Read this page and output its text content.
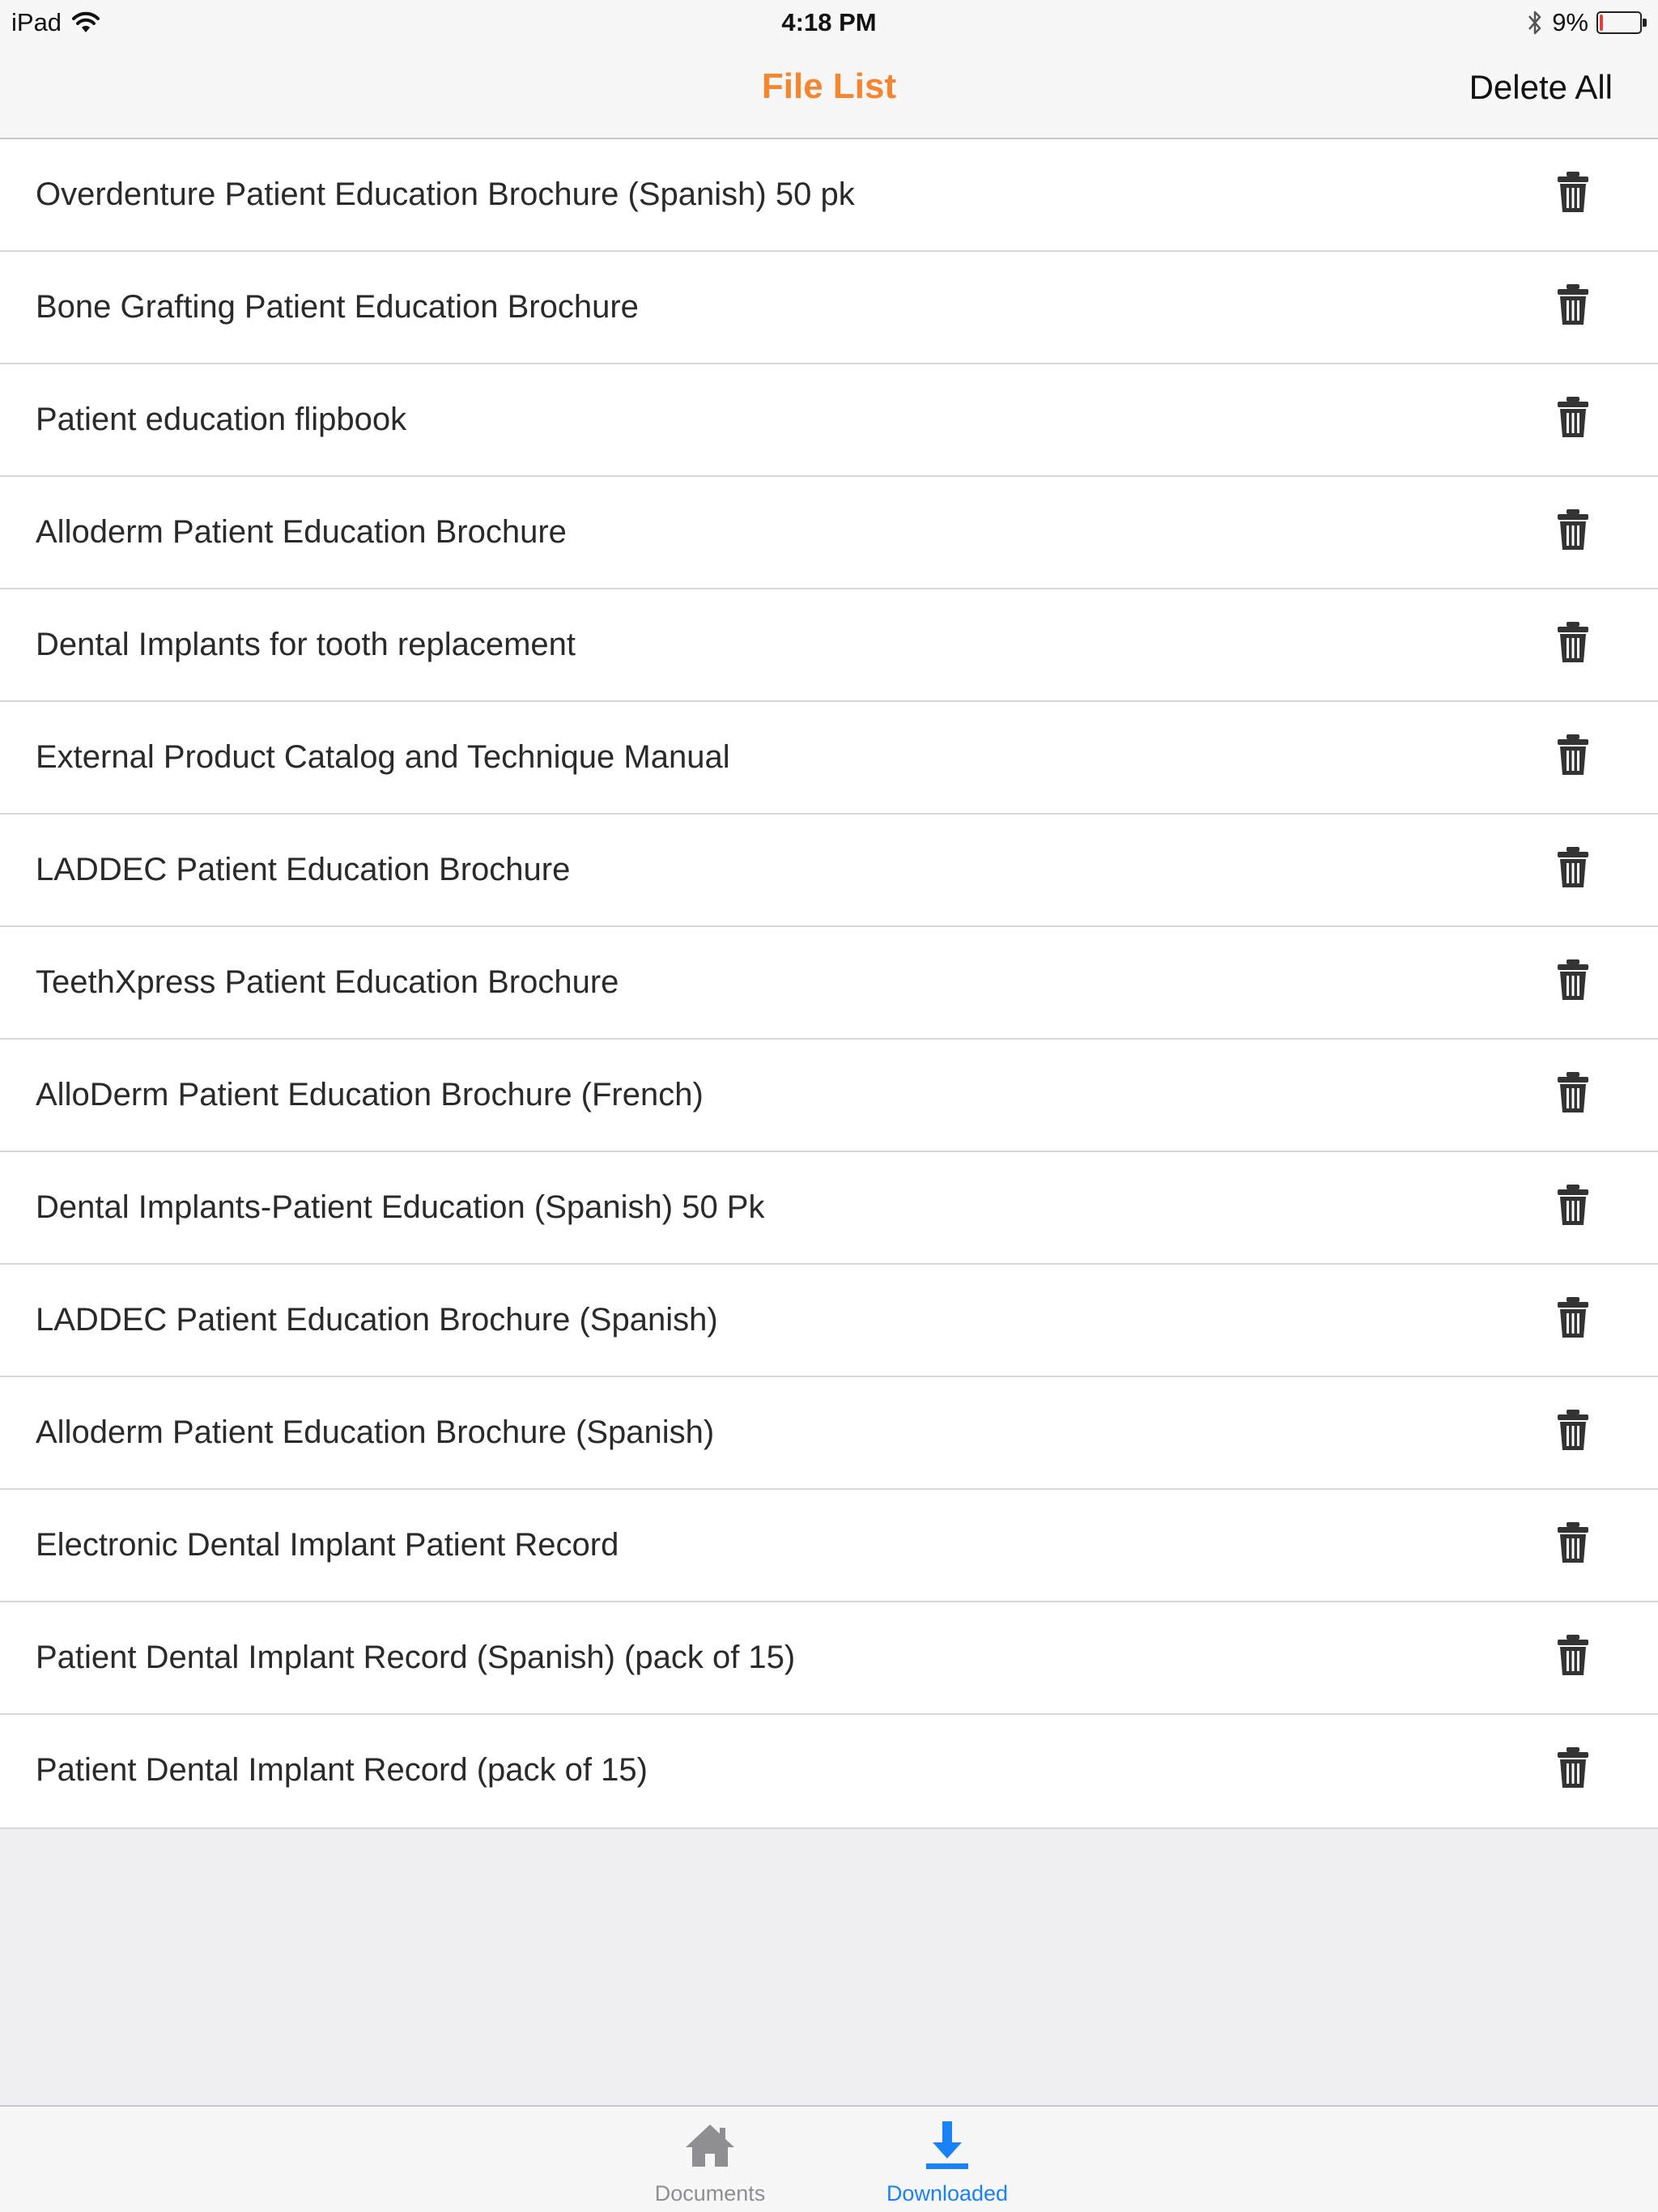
iPad	4:18 PM	9%
File List	Delete All
Overdenture Patient Education Brochure (Spanish) 50 pk
Bone Grafting Patient Education Brochure
Patient education flipbook
Alloderm Patient Education Brochure
Dental Implants for tooth replacement
External Product Catalog and Technique Manual
LADDEC Patient Education Brochure
TeethXpress Patient Education Brochure
AlloDerm Patient Education Brochure (French)
Dental Implants-Patient Education (Spanish) 50 Pk
LADDEC Patient Education Brochure (Spanish)
Alloderm Patient Education Brochure (Spanish)
Electronic Dental Implant Patient Record
Patient Dental Implant Record (Spanish) (pack of 15)
Patient Dental Implant Record (pack of 15)
Documents	Downloaded
